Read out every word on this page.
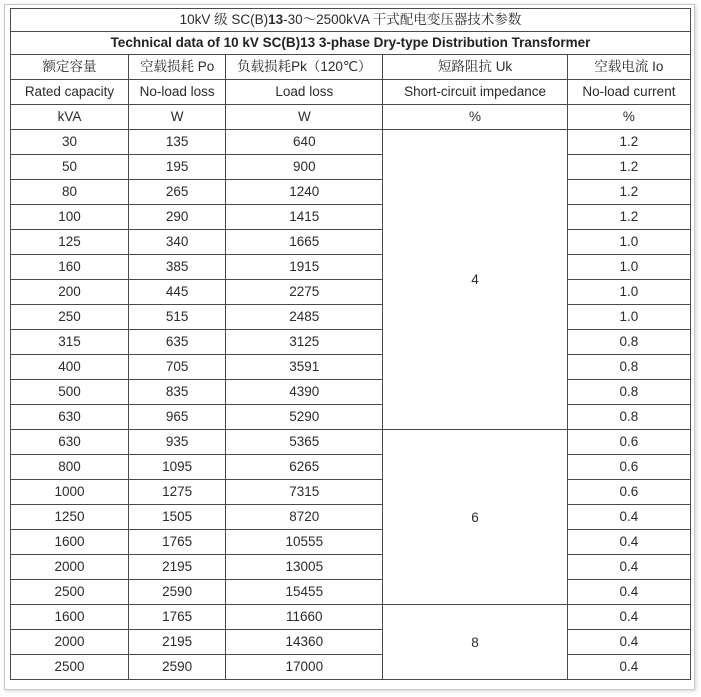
10kV 级 SC(B)13-30～2500kVA 干式配电变压器技术参数				
Technical data of 10 kV SC(B)13 3-phase Dry-type Distribution Transformer				
额定容量	空载损耗 Po	负载损耗Pk（120℃）	短路阻抗 Uk	空载电流 Io
Rated capacity	No-load loss	Load loss	Short-circuit impedance	No-load current
kVA	W	W	%	%
30	135	640	4	1.2
50	195	900		1.2
80	265	1240		1.2
100	290	1415		1.2
125	340	1665		1.0
160	385	1915		1.0
200	445	2275		1.0
250	515	2485		1.0
315	635	3125		0.8
400	705	3591		0.8
500	835	4390		0.8
630	965	5290		0.8
630	935	5365	6	0.6
800	1095	6265		0.6
1000	1275	7315		0.6
1250	1505	8720		0.4
1600	1765	10555		0.4
2000	2195	13005		0.4
2500	2590	15455		0.4
1600	1765	11660	8	0.4
2000	2195	14360		0.4
2500	2590	17000		0.4
